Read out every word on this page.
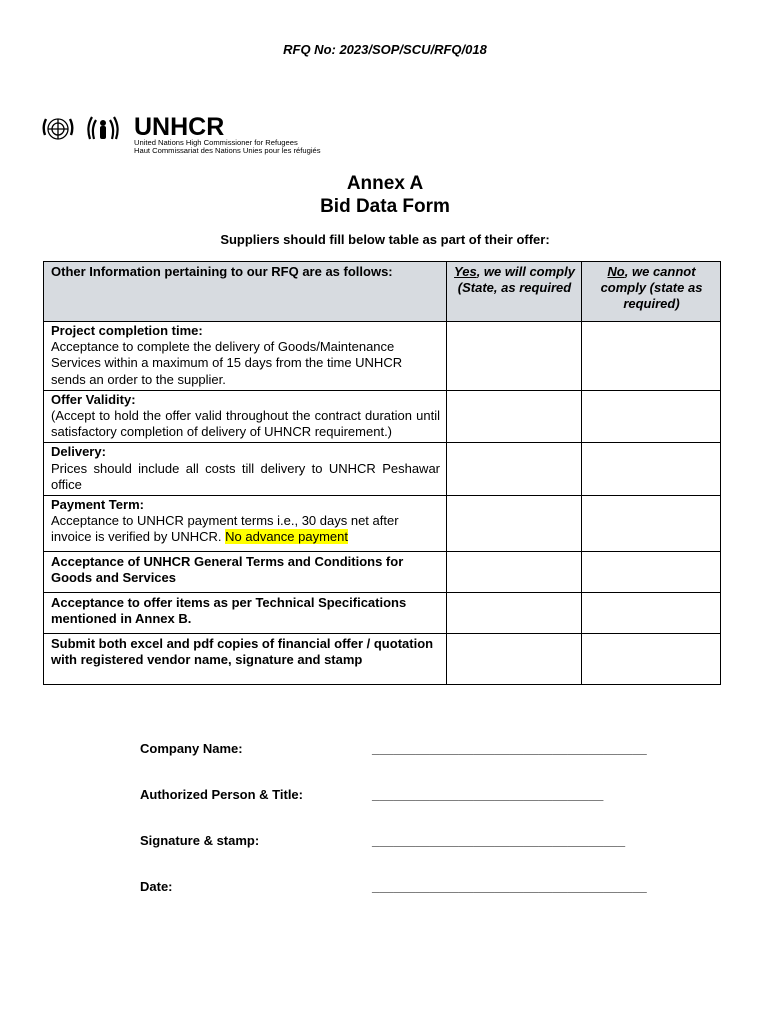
RFQ No: 2023/SOP/SCU/RFQ/018
UNHCR
United Nations High Commissioner for Refugees
Haut Commissariat des Nations Unies pour les réfugiés
Annex A
Bid Data Form
Suppliers should fill below table as part of their offer:
Other Information pertaining to our RFQ are as follows:	Yes, we will comply (State, as required	No, we cannot comply (state as required)

Project completion time:
Acceptance to complete the delivery of Goods/Maintenance Services within a maximum of 15 days from the time UNHCR sends an order to the supplier.		

Offer Validity:
(Accept to hold the offer valid throughout the contract duration until satisfactory completion of delivery of UHNCR requirement.)		

Delivery:
Prices should include all costs till delivery to UNHCR Peshawar office		

Payment Term:
Acceptance to UNHCR payment terms i.e., 30 days net after invoice is verified by UNHCR. No advance payment		

Acceptance of UNHCR General Terms and Conditions for Goods and Services		

Acceptance to offer items as per Technical Specifications mentioned in Annex B.		

Submit both excel and pdf copies of financial offer / quotation with registered vendor name, signature and stamp		

Company Name:	______________________________________
Authorized Person & Title:	________________________________
Signature & stamp:	___________________________________
Date:	______________________________________
